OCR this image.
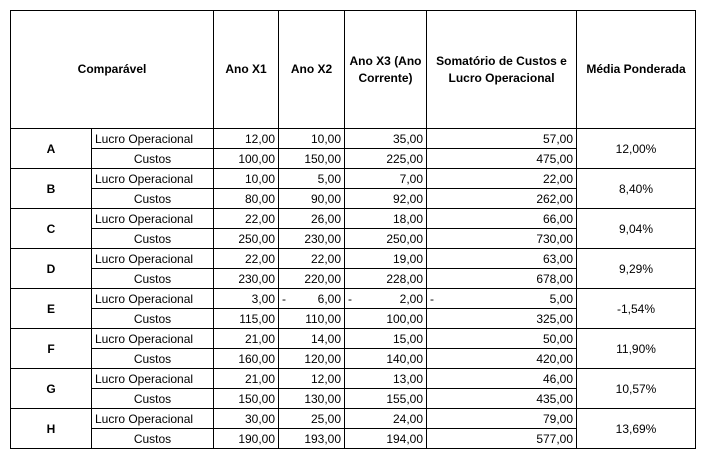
Comparável		Ano X1	Ano X2	Ano X3 (Ano Corrente)	Somatório de Custos e Lucro Operacional	Média Ponderada
A	Lucro Operacional	12,00	10,00	35,00	57,00	12,00%
	Custos	100,00	150,00	225,00	475,00	
B	Lucro Operacional	10,00	5,00	7,00	22,00	8,40%
	Custos	80,00	90,00	92,00	262,00	
C	Lucro Operacional	22,00	26,00	18,00	66,00	9,04%
	Custos	250,00	230,00	250,00	730,00	
D	Lucro Operacional	22,00	22,00	19,00	63,00	9,29%
	Custos	230,00	220,00	228,00	678,00	
E	Lucro Operacional	3,00	- 6,00	- 2,00	- 5,00	-1,54%
	Custos	115,00	110,00	100,00	325,00	
F	Lucro Operacional	21,00	14,00	15,00	50,00	11,90%
	Custos	160,00	120,00	140,00	420,00	
G	Lucro Operacional	21,00	12,00	13,00	46,00	10,57%
	Custos	150,00	130,00	155,00	435,00	
H	Lucro Operacional	30,00	25,00	24,00	79,00	13,69%
	Custos	190,00	193,00	194,00	577,00	
